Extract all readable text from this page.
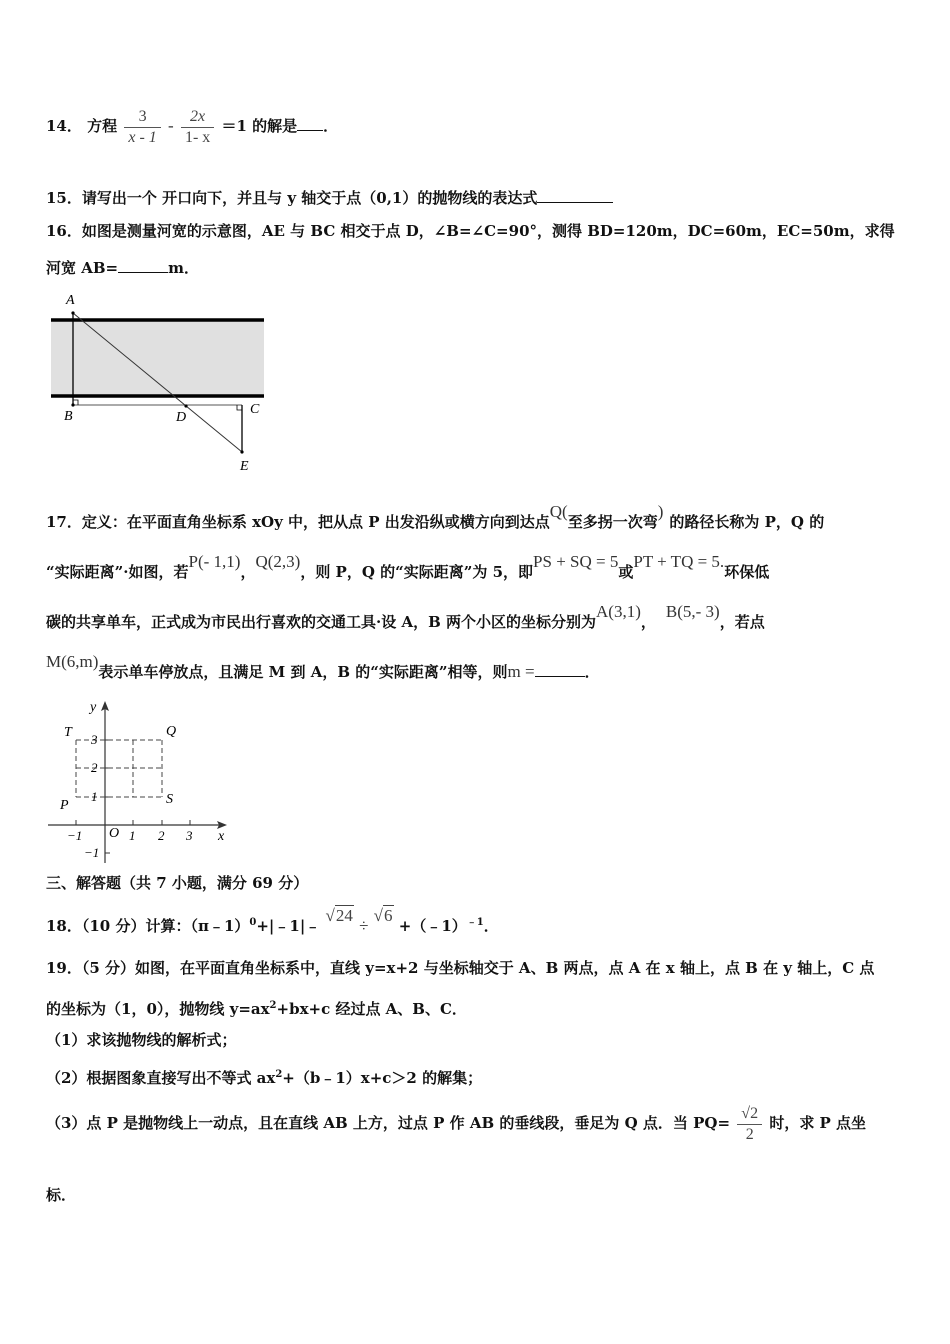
14． 方程 $\frac{3}{x - 1} - \frac{2x}{1- x} =1$ 的解是 ．
15．请写出一个 开口向下，并且与 y 轴交于点（0,1）的抛物线的表达式
16．如图是测量河宽的示意图，AE 与 BC 相交于点 D，∠B=∠C=90°，测得 BD=120m，DC=60m，EC=50m，求得
河宽 AB=	m．
A
B	C
D
E
17．定义：在平面直角坐标系 xOy 中，把从点 P 出发沿纵或横方向到达点Q(至多拐一次弯)的路径长称为 P，Q 的
“实际距离”·如图，若P(- 1,1)，Q(2,3)，则 P，Q 的“实际距离”为 5，即PS + SQ = 5或PT + TQ = 5.环保低
碳的共享单车，正式成为市民出行喜欢的交通工具·设 A，B 两个小区的坐标分别为A(3,1)，B(5,- 3)，若点
M(6,m)表示单车停放点，且满足 M 到 A，B 的“实际距离”相等，则m =	．
y
x
O
−1	1 2 3
1
2
3
−1
T	Q
P	S
三、解答题（共 7 小题，满分 69 分）
18．（10 分）计算：（π﹣1）$^0$+|﹣1|﹣ √24 ÷ √6 +（﹣1）$^{﹣1}$．
19．（5 分）如图，在平面直角坐标系中，直线 y=x+2 与坐标轴交于 A、B 两点，点 A 在 x 轴上，点 B 在 y 轴上，C 点
的坐标为（1，0），抛物线 $y=ax^2+bx+c$ 经过点 A、B、C．
（1）求该抛物线的解析式；
（2）根据图象直接写出不等式 $ax^2+(b﹣1)x+c>2$ 的解集；
（3）点 P 是抛物线上一动点，且在直线 AB 上方，过点 P 作 AB 的垂线段，垂足为 Q 点．当 $PQ= \frac{√2}{2}$ 时，求 P 点坐
标．
